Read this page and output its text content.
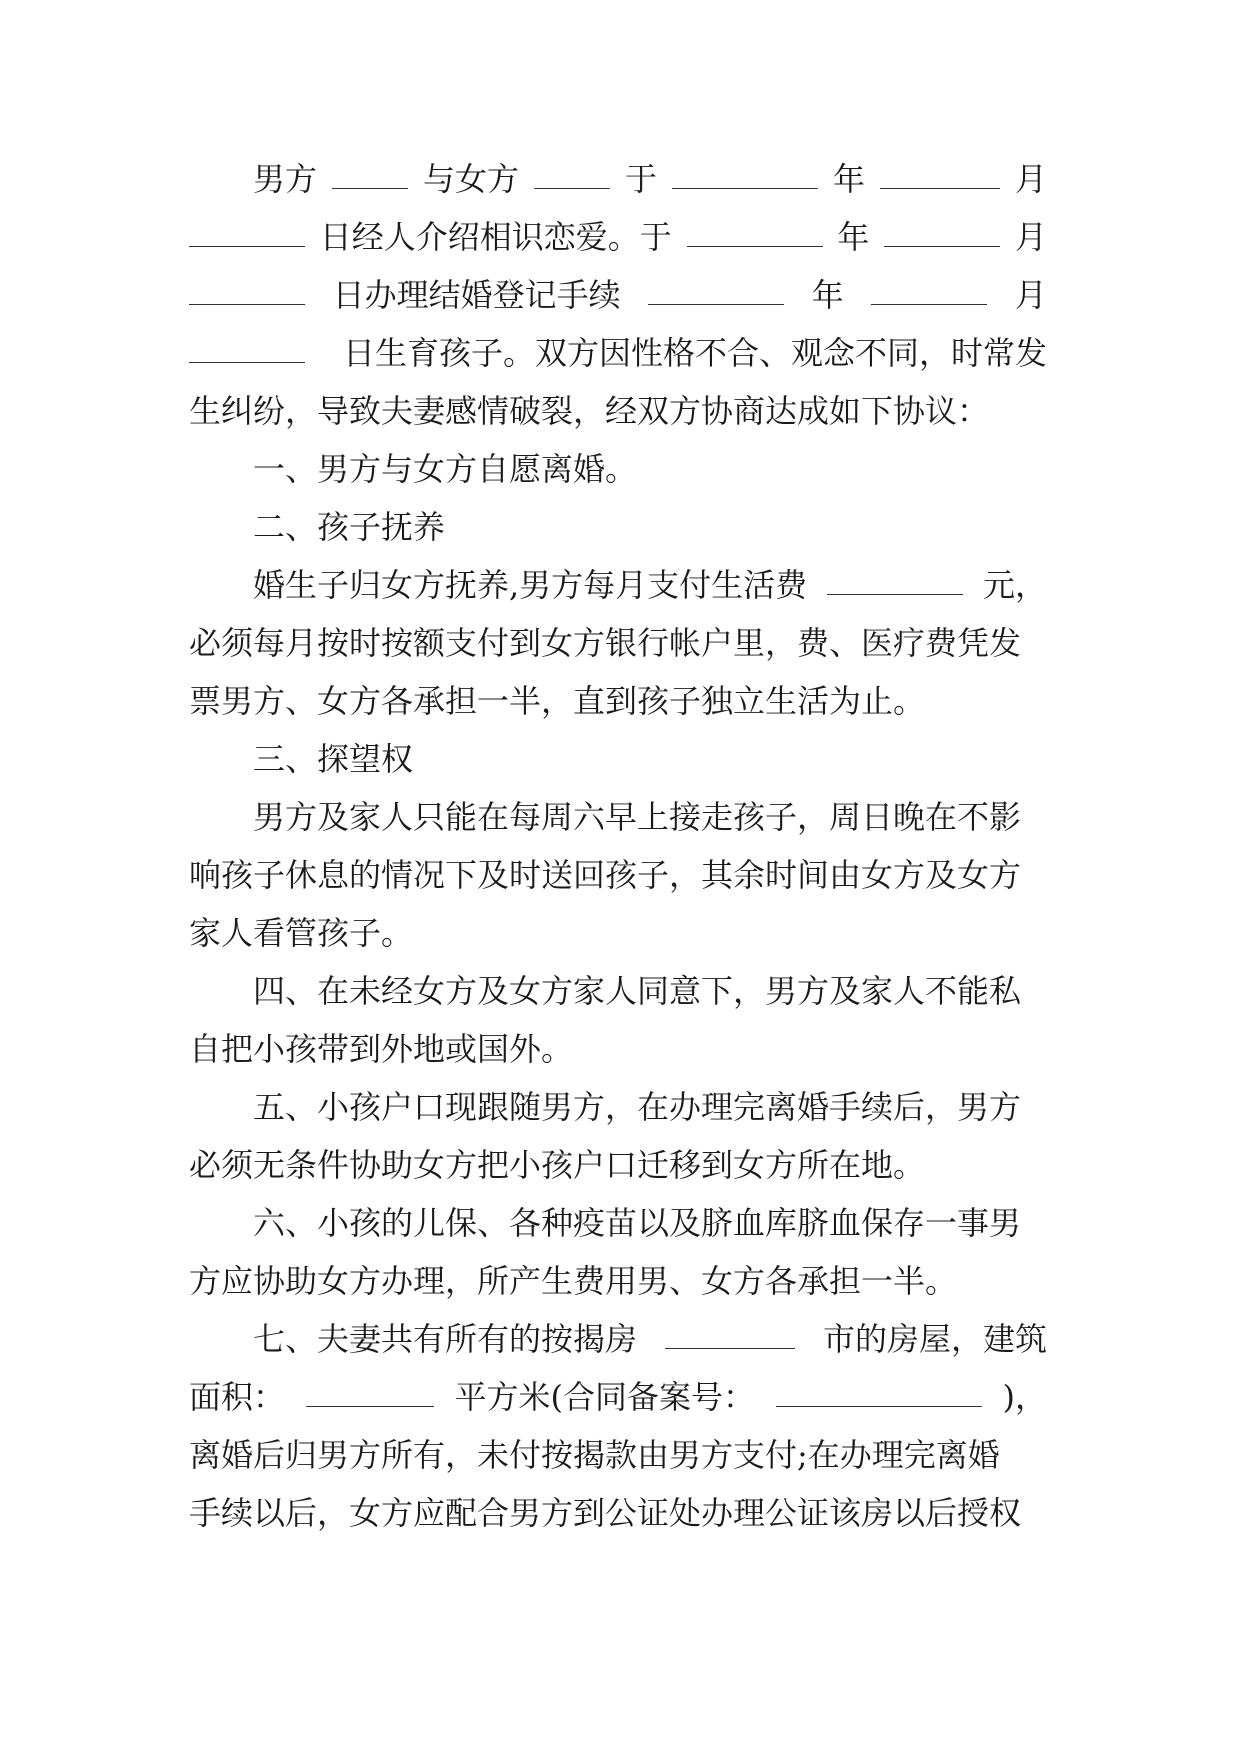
男方	与女方	于	年	月
日经人介绍相识恋爱。于	年	月
日办理结婚登记手续	年	月
日生育孩子。双方因性格不合、观念不同，时常发
生纠纷，导致夫妻感情破裂，经双方协商达成如下协议：
一、男方与女方自愿离婚。
二、孩子抚养
婚生子归女方抚养,男方每月支付生活费	元，
必须每月按时按额支付到女方银行帐户里，费、医疗费凭发
票男方、女方各承担一半，直到孩子独立生活为止。
三、探望权
男方及家人只能在每周六早上接走孩子，周日晚在不影
响孩子休息的情况下及时送回孩子，其余时间由女方及女方
家人看管孩子。
四、在未经女方及女方家人同意下，男方及家人不能私
自把小孩带到外地或国外。
五、小孩户口现跟随男方，在办理完离婚手续后，男方
必须无条件协助女方把小孩户口迁移到女方所在地。
六、小孩的儿保、各种疫苗以及脐血库脐血保存一事男
方应协助女方办理，所产生费用男、女方各承担一半。
七、夫妻共有所有的按揭房	市的房屋，建筑
面积：	平方米(合同备案号：	)，
离婚后归男方所有，未付按揭款由男方支付;在办理完离婚
手续以后，女方应配合男方到公证处办理公证该房以后授权
